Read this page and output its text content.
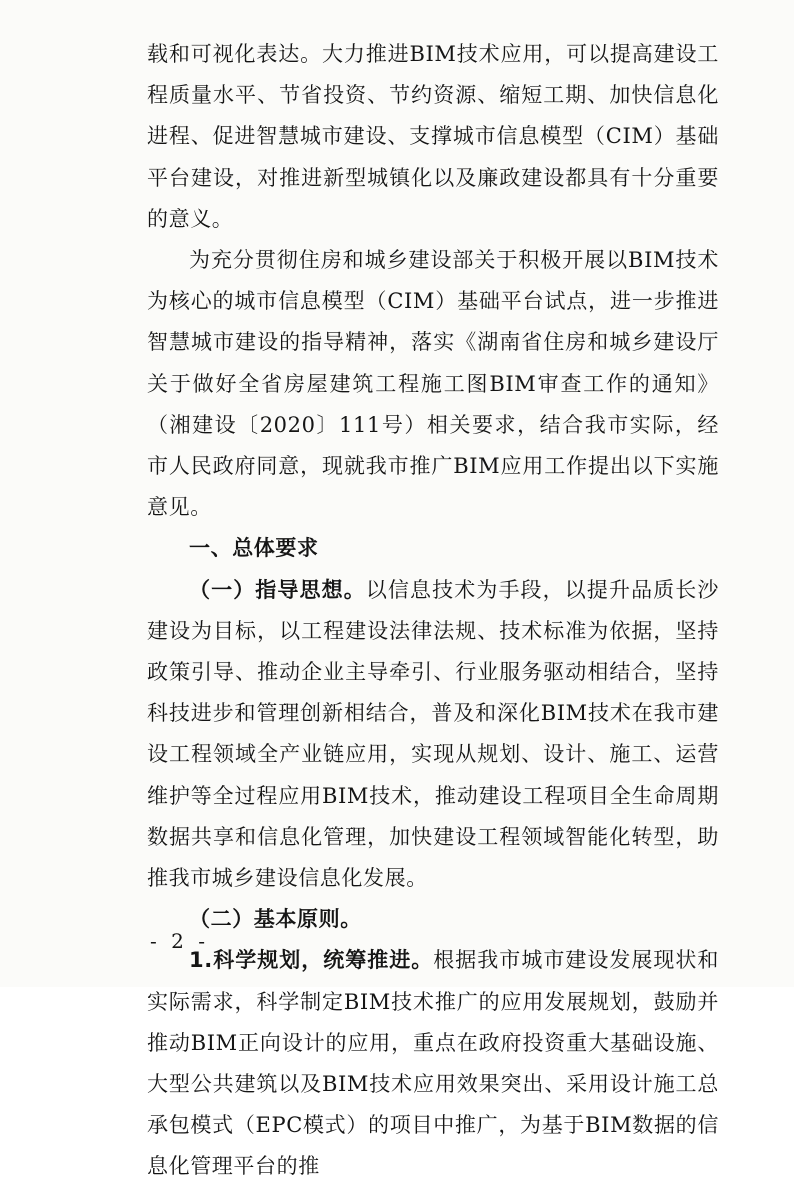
载和可视化表达。大力推进BIM技术应用，可以提高建设工程质量水平、节省投资、节约资源、缩短工期、加快信息化进程、促进智慧城市建设、支撑城市信息模型（CIM）基础平台建设，对推进新型城镇化以及廉政建设都具有十分重要的意义。

为充分贯彻住房和城乡建设部关于积极开展以BIM技术为核心的城市信息模型（CIM）基础平台试点，进一步推进智慧城市建设的指导精神，落实《湖南省住房和城乡建设厅关于做好全省房屋建筑工程施工图BIM审查工作的通知》（湘建设〔2020〕111号）相关要求，结合我市实际，经市人民政府同意，现就我市推广BIM应用工作提出以下实施意见。

一、总体要求

（一）指导思想。以信息技术为手段，以提升品质长沙建设为目标，以工程建设法律法规、技术标准为依据，坚持政策引导、推动企业主导牵引、行业服务驱动相结合，坚持科技进步和管理创新相结合，普及和深化BIM技术在我市建设工程领域全产业链应用，实现从规划、设计、施工、运营维护等全过程应用BIM技术，推动建设工程项目全生命周期数据共享和信息化管理，加快建设工程领域智能化转型，助推我市城乡建设信息化发展。

（二）基本原则。

1.科学规划，统筹推进。根据我市城市建设发展现状和实际需求，科学制定BIM技术推广的应用发展规划，鼓励并推动BIM正向设计的应用，重点在政府投资重大基础设施、大型公共建筑以及BIM技术应用效果突出、采用设计施工总承包模式（EPC模式）的项目中推广，为基于BIM数据的信息化管理平台的推

- 2 -
